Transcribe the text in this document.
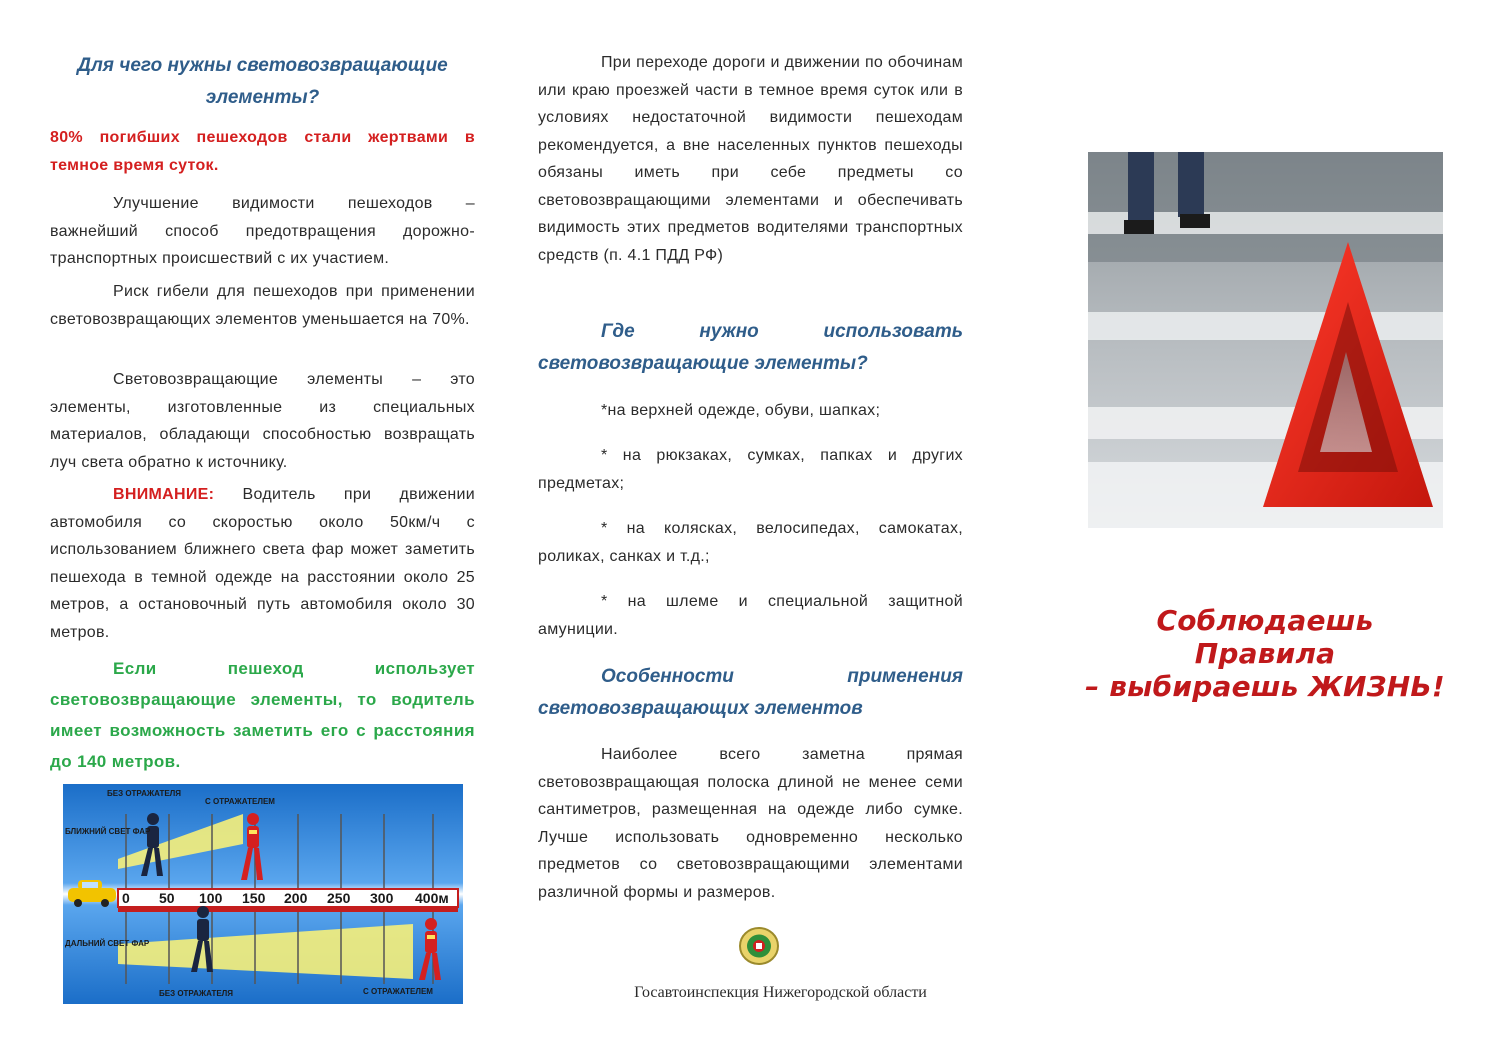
Для чего нужны световозвращающие элементы?
80% погибших пешеходов стали жертвами в темное время суток.
Улучшение видимости пешеходов – важнейший способ предотвращения дорожно-транспортных происшествий с их участием.
Риск гибели для пешеходов при применении световозвращающих элементов уменьшается на 70%.
Световозвращающие элементы – это элементы, изготовленные из специальных материалов, обладающи способностью возвращать луч света обратно к источнику.
ВНИМАНИЕ: Водитель при движении автомобиля со скоростью около 50км/ч с использованием ближнего света фар может заметить пешехода в темной одежде на расстоянии около 25 метров, а остановочный путь автомобиля около 30 метров.
Если пешеход использует световозвращающие элементы, то водитель имеет возможность заметить его с расстояния до 140 метров.
0 50 100 150 200 250 300 400м
БЕЗ ОТРАЖАТЕЛЯ
С ОТРАЖАТЕЛЕМ
БЛИЖНИЙ СВЕТ ФАР
ДАЛЬНИЙ СВЕТ ФАР
БЕЗ ОТРАЖАТЕЛЯ	С ОТРАЖАТЕЛЕМ
При переходе дороги и движении по обочинам или краю проезжей части в темное время суток или в условиях недостаточной видимости пешеходам рекомендуется, а вне населенных пунктов пешеходы обязаны иметь при себе предметы со световозвращающими элементами и обеспечивать видимость этих предметов водителями транспортных средств (п. 4.1 ПДД РФ)
Где нужно использовать световозвращающие элементы?
*на верхней одежде, обуви, шапках;
* на рюкзаках, сумках, папках и других предметах;
* на колясках, велосипедах, самокатах, роликах, санках и т.д.;
* на шлеме и специальной защитной амуниции.
Особенности применения световозвращающих элементов
Наиболее всего заметна прямая световозвращающая полоска длиной не менее семи сантиметров, размещенная на одежде либо сумке. Лучше использовать одновременно несколько предметов со световозвращающими элементами различной формы и размеров.
Госавтоинспекция Нижегородской области
Соблюдаешь Правила
– выбираешь ЖИЗНЬ!
